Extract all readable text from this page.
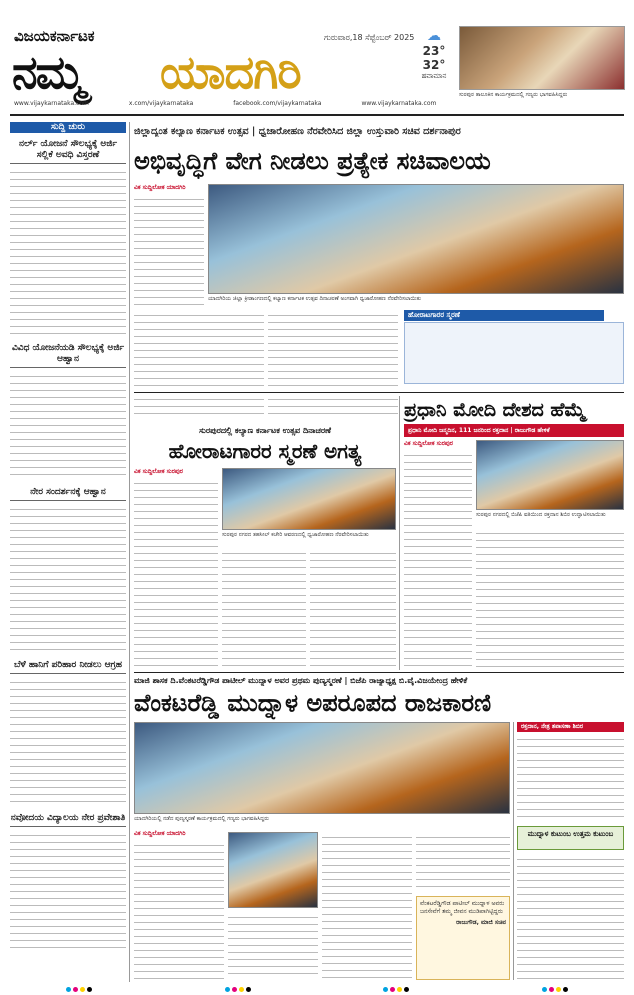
ವಿಜಯಕರ್ನಾಟಕ
ನಮ್ಮ ಯಾದಗಿರಿ
ಗುರುವಾರ,18 ಸೆಪ್ಟೆಂಬರ್ 2025 ☁
23°
32°
ಹವಾಮಾನ
ಸುರಪುರ ತಾಲೂಕಿನ ಕಾರ್ಯಕ್ರಮದಲ್ಲಿ ಗಣ್ಯರು ಭಾಗವಹಿಸಿದ್ದರು
www.vijaykarnataka.com	x.com/vijaykarnataka	facebook.com/vijaykarnataka	www.vijaykarnataka.com
ಸುದ್ದಿ ಚುರು
ನರ್ಲ್ ಯೋಜನೆ ಸೌಲಭ್ಯಕ್ಕೆ ಅರ್ಜಿ ಸಲ್ಲಿಕೆ ಅವಧಿ ವಿಸ್ತರಣೆ
ವಿವಿಧ ಯೋಜನೆಯಡಿ ಸೌಲಭ್ಯಕ್ಕೆ ಅರ್ಜಿ ಆಹ್ವಾನ
ನೇರ ಸಂದರ್ಶನಕ್ಕೆ ಆಹ್ವಾನ
ಬೆಳೆ ಹಾನಿಗೆ ಪರಿಹಾರ ನೀಡಲು ಆಗ್ರಹ
ನವೋದಯ ವಿದ್ಯಾಲಯ ನೇರ ಪ್ರವೇಶಾತಿ
ಜಿಲ್ಲಾದ್ಯಂತ ಕಲ್ಯಾಣ ಕರ್ನಾಟಕ ಉತ್ಸವ | ಧ್ವಜಾರೋಹಣ ನೆರವೇರಿಸಿದ ಜಿಲ್ಲಾ ಉಸ್ತುವಾರಿ ಸಚಿವ ದರ್ಶನಾಪುರ
ಅಭಿವೃದ್ಧಿಗೆ ವೇಗ ನೀಡಲು ಪ್ರತ್ಯೇಕ ಸಚಿವಾಲಯ
ವಿಕ ಸುದ್ದಿಲೋಕ ಯಾದಗಿರಿ
ಯಾದಗಿರಿಯ ಜಿಲ್ಲಾ ಕ್ರೀಡಾಂಗಣದಲ್ಲಿ ಕಲ್ಯಾಣ ಕರ್ನಾಟಕ ಉತ್ಸವ ದಿನಾಚರಣೆ ಅಂಗವಾಗಿ ಧ್ವಜಾರೋಹಣ ನೆರವೇರಿಸಲಾಯಿತು
ಹೋರಾಟಗಾರರ ಸ್ಮರಣೆ
ಸುರಪುರದಲ್ಲಿ ಕಲ್ಯಾಣ ಕರ್ನಾಟಕ ಉತ್ಸವ ದಿನಾಚರಣೆ
ಹೋರಾಟಗಾರರ ಸ್ಮರಣೆ ಅಗತ್ಯ
ವಿಕ ಸುದ್ದಿಲೋಕ ಸುರಪುರ
ಸುರಪುರ ನಗರದ ತಹಸೀಲ್ ಕಚೇರಿ ಆವರಣದಲ್ಲಿ ಧ್ವಜಾರೋಹಣ ನೆರವೇರಿಸಲಾಯಿತು
ಪ್ರಧಾನಿ ಮೋದಿ ದೇಶದ ಹೆಮ್ಮೆ
ಪ್ರಧಾನಿ ಮೋದಿ ಜನ್ಮದಿನ, 111 ಜನರಿಂದ ರಕ್ತದಾನ | ರಾಜುಗೌಡ ಹೇಳಿಕೆ
ವಿಕ ಸುದ್ದಿಲೋಕ ಸುರಪುರ
ಸುರಪುರ ನಗರದಲ್ಲಿ ಬಿಜೆಪಿ ವತಿಯಿಂದ ರಕ್ತದಾನ ಶಿಬಿರ ಉದ್ಘಾಟಿಸಲಾಯಿತು
ಮಾಜಿ ಶಾಸಕ ದಿ.ವೆಂಕಟರೆಡ್ಡಿಗೌಡ ಪಾಟೀಲ್ ಮುದ್ನಾಳ ಅವರ ಪ್ರಥಮ ಪುಣ್ಯಸ್ಮರಣೆ | ಬಿಜೆಪಿ ರಾಜ್ಯಾಧ್ಯಕ್ಷ ಬಿ.ವೈ.ವಿಜಯೇಂದ್ರ ಹೇಳಿಕೆ
ವೆಂಕಟರೆಡ್ಡಿ ಮುದ್ನಾಳ ಅಪರೂಪದ ರಾಜಕಾರಣಿ
ಯಾದಗಿರಿಯಲ್ಲಿ ನಡೆದ ಪುಣ್ಯಸ್ಮರಣೆ ಕಾರ್ಯಕ್ರಮದಲ್ಲಿ ಗಣ್ಯರು ಭಾಗವಹಿಸಿದ್ದರು
ವಿಕ ಸುದ್ದಿಲೋಕ ಯಾದಗಿರಿ
ವೆಂಕಟರೆಡ್ಡಿಗೌಡ ಪಾಟೀಲ್ ಮುದ್ನಾಳ ಅವರು ಜನಸೇವೆಗೆ ತಮ್ಮ ಜೀವನ ಮುಡಿಪಾಗಿಟ್ಟಿದ್ದರು
ರಾಜುಗೌಡ, ಮಾಜಿ ಸಚಿವ
ರಕ್ತದಾನ, ನೇತ್ರ ತಪಾಸಣಾ ಶಿಬಿರ
ಮುದ್ನಾಳ ಕುಟುಂಬ ಉತ್ತಮ ಕುಟುಂಬ
